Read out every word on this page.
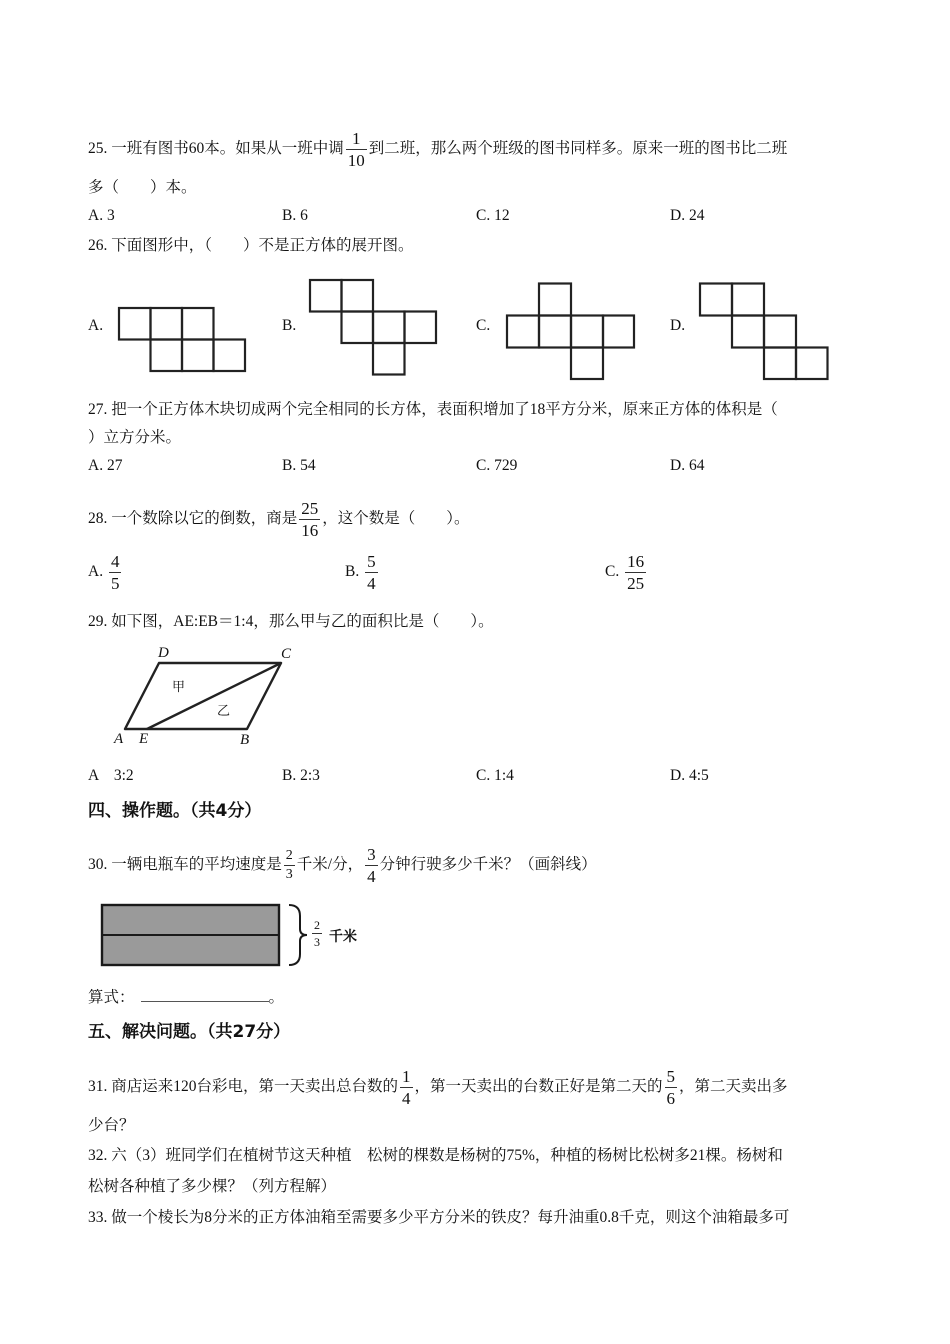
25. 一班有图书60本。如果从一班中调 $\frac{1}{10}$ 到二班，那么两个班级的图书同样多。原来一班的图书比二班
多（　　）本。
A. 3	B. 6	C. 12	D. 24
26. 下面图形中，（　　）不是正方体的展开图。
A.	B.	C.	D.
27. 把一个正方体木块切成两个完全相同的长方体，表面积增加了18平方分米，原来正方体的体积是（
）立方分米。
A. 27	B. 54	C. 729	D. 64
28. 一个数除以它的倒数，商是 $\frac{25}{16}$ ，这个数是（　　）。
A. $\frac{4}{5}$	B. $\frac{5}{4}$	C. $\frac{16}{25}$
29. 如下图，AE:EB＝1:4，那么甲与乙的面积比是（　　）。
D	C
A E	B
甲
乙
A　3:2	B. 2:3	C. 1:4	D. 4:5
四、操作题。（共4分）
30. 一辆电瓶车的平均速度是 $\frac{2}{3}$ 千米/分， $\frac{3}{4}$ 分钟行驶多少千米？（画斜线）
$\frac{2}{3}$ 千米
算式：	。
五、解决问题。（共27分）
31. 商店运来120台彩电，第一天卖出总台数的 $\frac{1}{4}$ ，第一天卖出的台数正好是第二天的 $\frac{5}{6}$ ，第二天卖出多
少台？
32. 六（3）班同学们在植树节这天种植　松树的棵数是杨树的75%，种植的杨树比松树多21棵。杨树和
松树各种植了多少棵？（列方程解）
33. 做一个棱长为8分米的正方体油箱至需要多少平方分米的铁皮？每升油重0.8千克，则这个油箱最多可
